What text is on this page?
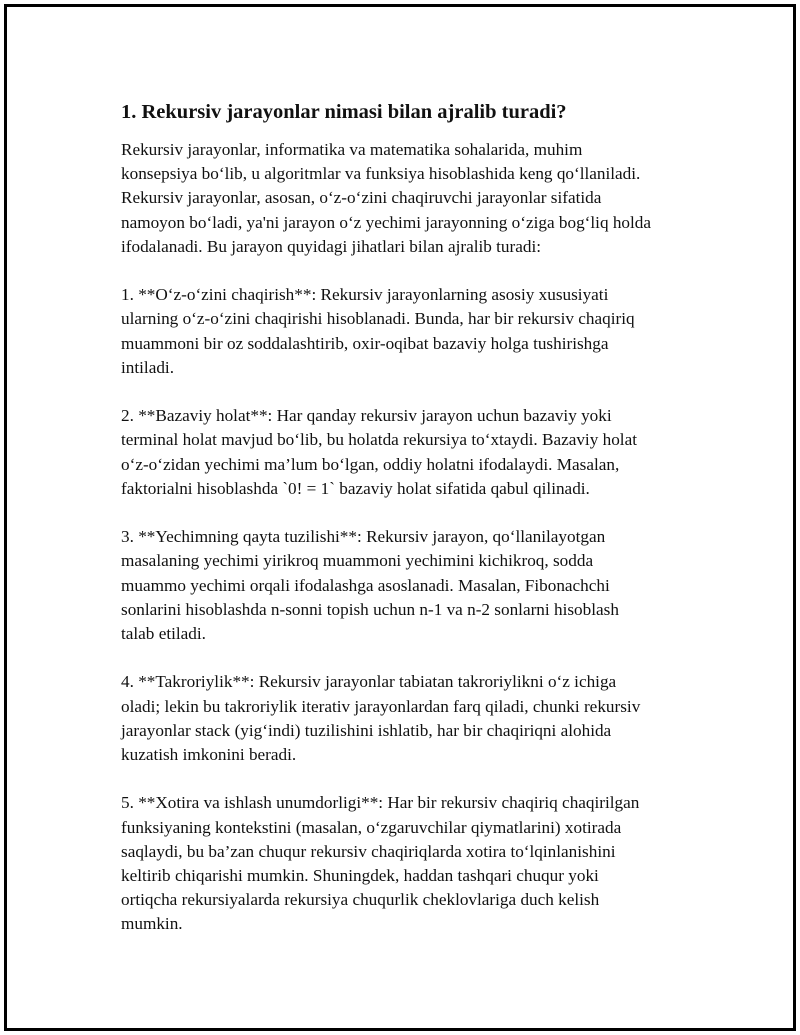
1. Rekursiv jarayonlar nimasi bilan ajralib turadi?

Rekursiv jarayonlar, informatika va matematika sohalarida, muhim
konsepsiya bo‘lib, u algoritmlar va funksiya hisoblashida keng qo‘llaniladi.
Rekursiv jarayonlar, asosan, o‘z-o‘zini chaqiruvchi jarayonlar sifatida
namoyon bo‘ladi, ya'ni jarayon o‘z yechimi jarayonning o‘ziga bog‘liq holda
ifodalanadi. Bu jarayon quyidagi jihatlari bilan ajralib turadi:

1. **O‘z-o‘zini chaqirish**: Rekursiv jarayonlarning asosiy xususiyati
ularning o‘z-o‘zini chaqirishi hisoblanadi. Bunda, har bir rekursiv chaqiriq
muammoni bir oz soddalashtirib, oxir-oqibat bazaviy holga tushirishga
intiladi.

2. **Bazaviy holat**: Har qanday rekursiv jarayon uchun bazaviy yoki
terminal holat mavjud bo‘lib, bu holatda rekursiya to‘xtaydi. Bazaviy holat
o‘z-o‘zidan yechimi ma’lum bo‘lgan, oddiy holatni ifodalaydi. Masalan,
faktorialni hisoblashda `0! = 1` bazaviy holat sifatida qabul qilinadi.

3. **Yechimning qayta tuzilishi**: Rekursiv jarayon, qo‘llanilayotgan
masalaning yechimi yirikroq muammoni yechimini kichikroq, sodda
muammo yechimi orqali ifodalashga asoslanadi. Masalan, Fibonachchi
sonlarini hisoblashda n-sonni topish uchun n-1 va n-2 sonlarni hisoblash
talab etiladi.

4. **Takroriylik**: Rekursiv jarayonlar tabiatan takroriylikni o‘z ichiga
oladi; lekin bu takroriylik iterativ jarayonlardan farq qiladi, chunki rekursiv
jarayonlar stack (yig‘indi) tuzilishini ishlatib, har bir chaqiriqni alohida
kuzatish imkonini beradi.

5. **Xotira va ishlash unumdorligi**: Har bir rekursiv chaqiriq chaqirilgan
funksiyaning kontekstini (masalan, o‘zgaruvchilar qiymatlarini) xotirada
saqlaydi, bu ba’zan chuqur rekursiv chaqiriqlarda xotira to‘lqinlanishini
keltirib chiqarishi mumkin. Shuningdek, haddan tashqari chuqur yoki
ortiqcha rekursiyalarda rekursiya chuqurlik cheklovlariga duch kelish
mumkin.
